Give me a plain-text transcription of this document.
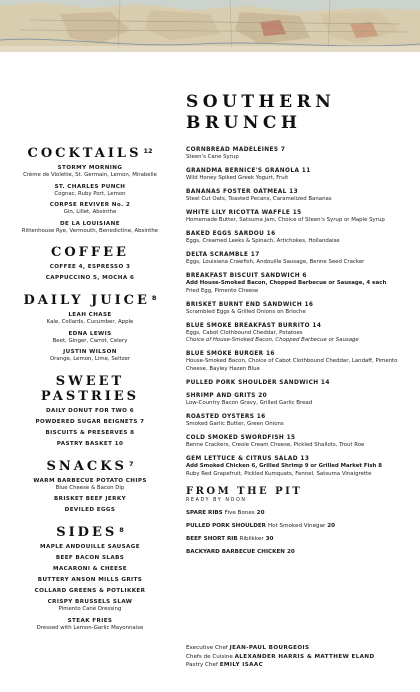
COCKTAILS $^{12}$
STORMY MORNING
Crème de Violette, St. Germain, Lemon, Mirabelle
ST. CHARLES PUNCH
Cognac, Ruby Port, Lemon
CORPSE REVIVER No. 2
Gin, Lillet, Absinthe
DE LA LOUISIANE
Rittenhouse Rye, Vermouth, Benedictine, Absinthe
COFFEE
COFFEE 4, ESPRESSO 3
CAPPUCCINO 5, MOCHA 6
DAILY JUICE $^8$
LEAH CHASE
Kale, Collards, Cucumber, Apple
EDNA LEWIS
Beet, Ginger, Carrot, Celery
JUSTIN WILSON
Orange, Lemon, Lime, Seltzer
SWEET PASTRIES
DAILY DONUT FOR TWO 6
POWDERED SUGAR BEIGNETS 7
BISCUITS & PRESERVES 8
PASTRY BASKET 10
SNACKS $^7$
WARM BARBECUE POTATO CHIPS
Blue Cheese & Bacon Dip
BRISKET BEEF JERKY
DEVILED EGGS
SIDES $^8$
MAPLE ANDOUILLE SAUSAGE
BEEF BACON SLABS
MACARONI & CHEESE
BUTTERY ANSON MILLS GRITS
COLLARD GREENS & POTLIKKER
CRISPY BRUSSELS SLAW
Pimento Cane Dressing
STEAK FRIES
Dressed with Lemon-Garlic Mayonnaise
SOUTHERN
BRUNCH
CORNBREAD MADELEINES 7
Steen's Cane Syrup
GRANDMA BERNICE'S GRANOLA 11
Wild Honey Spiked Greek Yogurt, Fruit
BANANAS FOSTER OATMEAL 13
Steel Cut Oats, Toasted Pecans, Caramelized Bananas
WHITE LILY RICOTTA WAFFLE 15
Homemade Butter, Satsuma Jam, Choice of Steen's Syrup or Maple Syrup
BAKED EGGS SARDOU 16
Eggs, Creamed Leeks & Spinach, Artichokes, Hollandaise
DELTA SCRAMBLE 17
Eggs, Louisiana Crawfish, Andouille Sausage, Benne Seed Cracker
BREAKFAST BISCUIT SANDWICH 6
Add House-Smoked Bacon, Chopped Barbecue or Sausage, 4 each
Fried Egg, Pimento Cheese
BRISKET BURNT END SANDWICH 16
Scrambled Eggs & Grilled Onions on Brioche
BLUE SMOKE BREAKFAST BURRITO 14
Eggs, Cabot Clothbound Cheddar, Potatoes
Choice of House-Smoked Bacon, Chopped Barbecue or Sausage
BLUE SMOKE BURGER 16
House-Smoked Bacon, Choice of Cabot Clothbound Cheddar, Landaff, Pimento Cheese, Bayley Hazen Blue
PULLED PORK SHOULDER SANDWICH 14
SHRIMP AND GRITS 20
Low-Country Bacon Gravy, Grilled Garlic Bread
ROASTED OYSTERS 16
Smoked Garlic Butter, Green Onions
COLD SMOKED SWORDFISH 15
Benne Crackers, Creole Cream Cheese, Pickled Shallots, Trout Roe
GEM LETTUCE & CITRUS SALAD 13
Add Smoked Chicken 6, Grilled Shrimp 9 or Grilled Market Fish 8
Ruby Red Grapefruit, Pickled Kumquats, Fennel, Satsuma Vinaigrette
FROM THE PIT
READY BY NOON
SPARE RIBS Five Bones 20
PULLED PORK SHOULDER Hot Smoked Vinegar 20
BEEF SHORT RIB Riblikker 30
BACKYARD BARBECUE CHICKEN 20
Executive Chef JEAN-PAUL BOURGEOIS
Chefs de Cuisine ALEXANDER HARRIS & MATTHEW ELAND
Pastry Chef EMILY ISAAC
